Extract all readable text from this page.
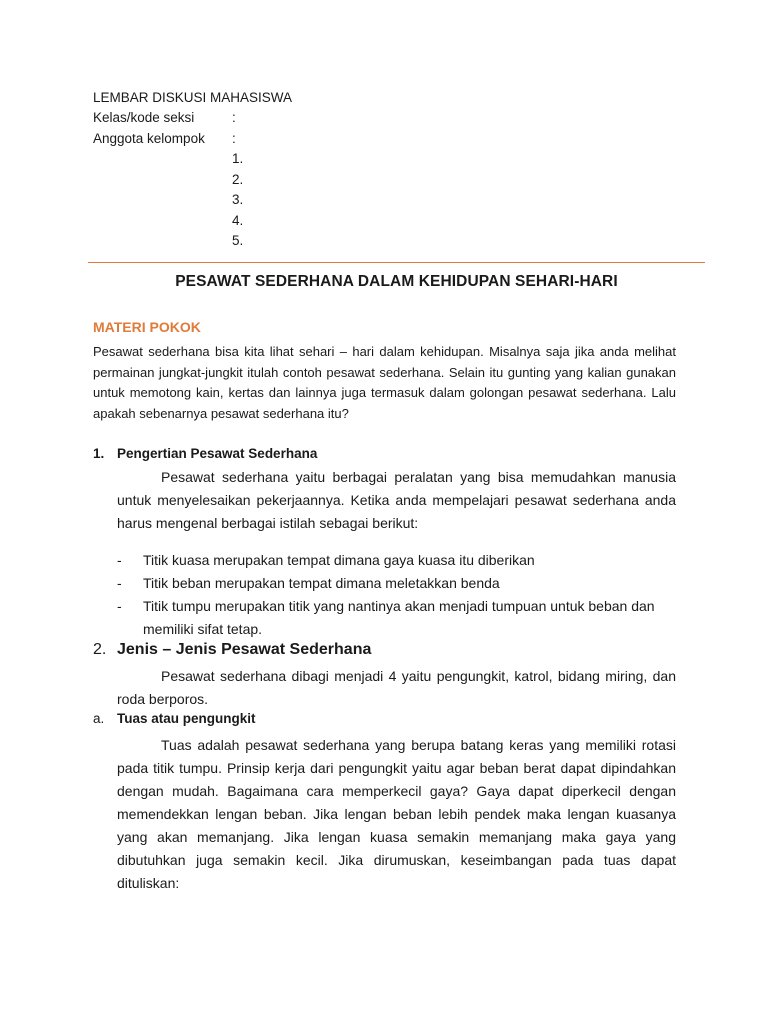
LEMBAR DISKUSI MAHASISWA
Kelas/kode seksi	:
Anggota kelompok :
1.
2.
3.
4.
5.
PESAWAT SEDERHANA DALAM KEHIDUPAN SEHARI-HARI
MATERI POKOK
Pesawat sederhana bisa kita lihat sehari – hari dalam kehidupan. Misalnya saja jika anda melihat permainan jungkat-jungkit itulah contoh pesawat sederhana. Selain itu gunting yang kalian gunakan untuk memotong kain, kertas dan lainnya juga termasuk dalam golongan pesawat sederhana. Lalu apakah sebenarnya pesawat sederhana itu?
1. Pengertian Pesawat Sederhana
Pesawat sederhana yaitu berbagai peralatan yang bisa memudahkan manusia untuk menyelesaikan pekerjaannya. Ketika anda mempelajari pesawat sederhana anda harus mengenal berbagai istilah sebagai berikut:
- Titik kuasa merupakan tempat dimana gaya kuasa itu diberikan
- Titik beban merupakan tempat dimana meletakkan benda
- Titik tumpu merupakan titik yang nantinya akan menjadi tumpuan untuk beban dan memiliki sifat tetap.
2. Jenis – Jenis Pesawat Sederhana
Pesawat sederhana dibagi menjadi 4 yaitu pengungkit, katrol, bidang miring, dan roda berporos.
a. Tuas atau pengungkit
Tuas adalah pesawat sederhana yang berupa batang keras yang memiliki rotasi pada titik tumpu. Prinsip kerja dari pengungkit yaitu agar beban berat dapat dipindahkan dengan mudah. Bagaimana cara memperkecil gaya? Gaya dapat diperkecil dengan memendekkan lengan beban. Jika lengan beban lebih pendek maka lengan kuasanya yang akan memanjang. Jika lengan kuasa semakin memanjang maka gaya yang dibutuhkan juga semakin kecil. Jika dirumuskan, keseimbangan pada tuas dapat dituliskan:
